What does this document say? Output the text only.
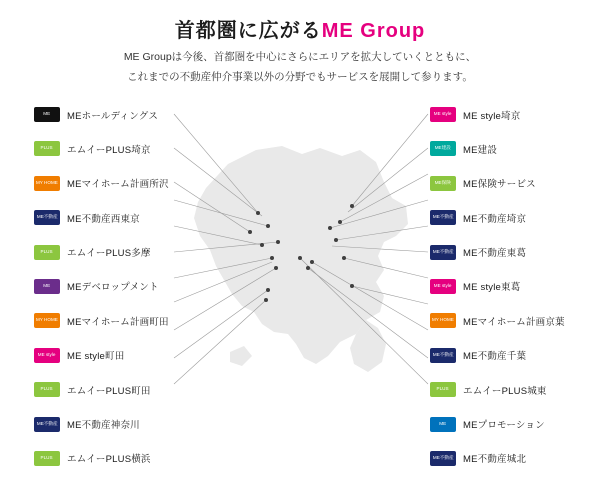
首都圏に広がるME Group
ME Groupは今後、首都圏を中心にさらにエリアを拡大していくとともに、
これまでの不動産仲介事業以外の分野でもサービスを展開して参ります。
ME MEホールディングス
PLUS エムイーPLUS埼京
MY HOME MEマイホーム計画所沢
ME不動産 ME不動産西東京
PLUS エムイーPLUS多摩
ME MEデベロップメント
MY HOME MEマイホーム計画町田
ME style ME style町田
PLUS エムイーPLUS町田
ME不動産 ME不動産神奈川
PLUS エムイーPLUS横浜
ME style ME style埼京
ME建設 ME建設
ME保険 ME保険サービス
ME不動産 ME不動産埼京
ME不動産 ME不動産東葛
ME style ME style東葛
MY HOME MEマイホーム計画京葉
ME不動産 ME不動産千葉
PLUS エムイーPLUS城東
ME MEプロモーション
ME不動産 ME不動産城北
